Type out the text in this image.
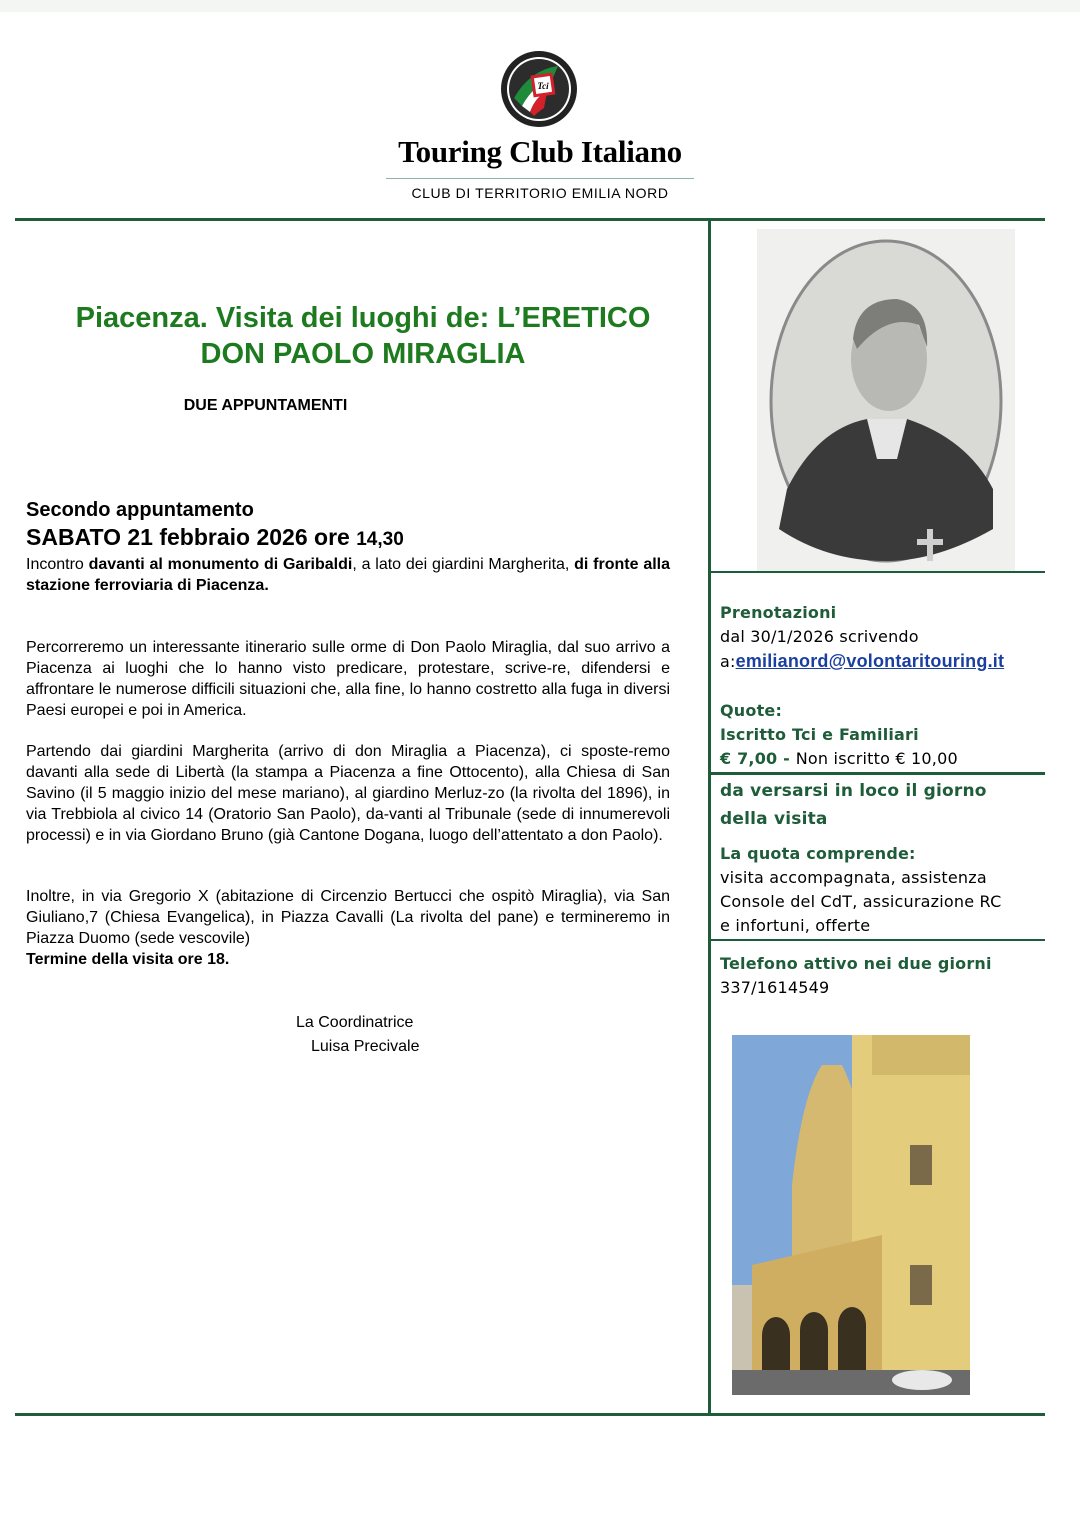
Tci
Touring Club Italiano
CLUB DI TERRITORIO EMILIA NORD
Piacenza. Visita dei luoghi de: L’ERETICO
DON PAOLO MIRAGLIA
DUE APPUNTAMENTI
Secondo appuntamento
SABATO 21 febbraio 2026 ore 14,30
Incontro davanti al monumento di Garibaldi, a lato dei giardini Margherita, di fronte alla stazione ferroviaria di Piacenza.
Percorreremo un interessante itinerario sulle orme di Don Paolo Miraglia, dal suo arrivo a Piacenza ai luoghi che lo hanno visto predicare, protestare, scrive-re, difendersi e affrontare le numerose difficili situazioni che, alla fine, lo hanno costretto alla fuga in diversi Paesi europei e poi in America.
Partendo dai giardini Margherita (arrivo di don Miraglia a Piacenza), ci sposte-remo davanti alla sede di Libertà (la stampa a Piacenza a fine Ottocento), alla Chiesa di San Savino (il 5 maggio inizio del mese mariano), al giardino Merluz-zo (la rivolta del 1896), in via Trebbiola al civico 14 (Oratorio San Paolo), da-vanti al Tribunale (sede di innumerevoli processi) e in via Giordano Bruno (già Cantone Dogana, luogo dell’attentato a don Paolo).
Inoltre, in via Gregorio X (abitazione di Circenzio Bertucci che ospitò Miraglia), via San Giuliano,7 (Chiesa Evangelica), in Piazza Cavalli (La rivolta del pane) e termineremo in Piazza Duomo (sede vescovile)
Termine della visita ore 18.
La Coordinatrice
Luisa Precivale
Prenotazioni
dal 30/1/2026 scrivendo
a:emilianord@volontaritouring.it
Quote:
Iscritto Tci e Familiari
€ 7,00 - Non iscritto € 10,00
da versarsi in loco il giorno
della visita
La quota comprende:
visita accompagnata, assistenza
Console del CdT, assicurazione RC
e infortuni, offerte
Telefono attivo nei due giorni
337/1614549
